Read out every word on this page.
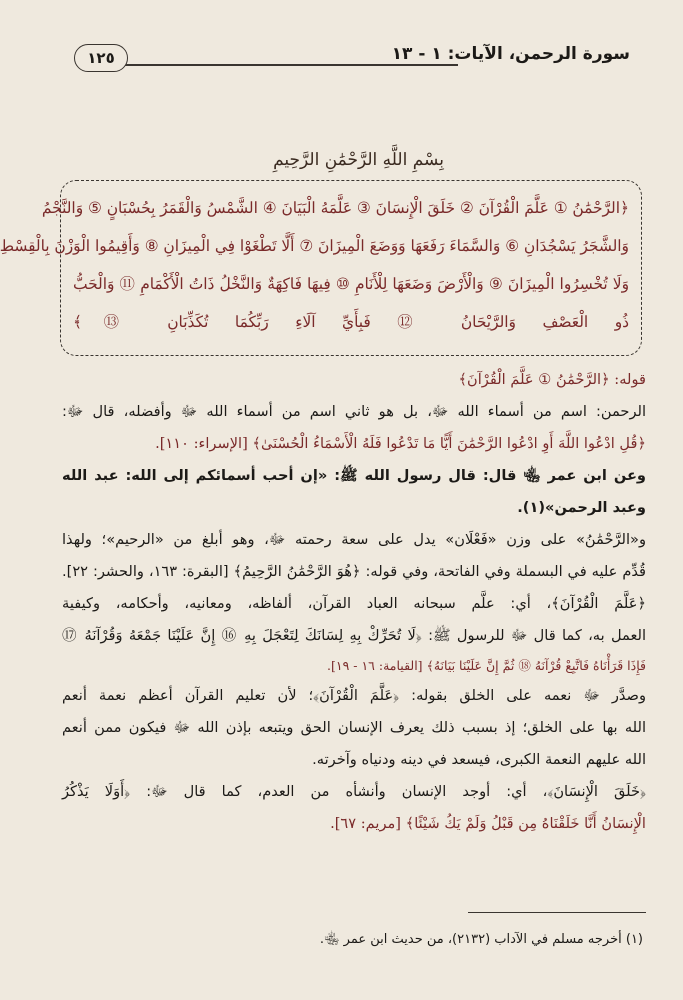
١٢٥	سورة الرحمن، الآيات: ١ - ١٣
بِسْمِ اللَّهِ الرَّحْمَٰنِ الرَّحِيمِ
﴿الرَّحْمَٰنُ ① عَلَّمَ الْقُرْآنَ ② خَلَقَ الْإِنسَانَ ③ عَلَّمَهُ الْبَيَانَ ④ الشَّمْسُ وَالْقَمَرُ بِحُسْبَانٍ ⑤ وَالنَّجْمُ
وَالشَّجَرُ يَسْجُدَانِ ⑥ وَالسَّمَاءَ رَفَعَهَا وَوَضَعَ الْمِيزَانَ ⑦ أَلَّا تَطْغَوْا فِي الْمِيزَانِ ⑧ وَأَقِيمُوا الْوَزْنَ بِالْقِسْطِ
وَلَا تُخْسِرُوا الْمِيزَانَ ⑨ وَالْأَرْضَ وَضَعَهَا لِلْأَنَامِ ⑩ فِيهَا فَاكِهَةٌ وَالنَّخْلُ ذَاتُ الْأَكْمَامِ ⑪ وَالْحَبُّ
ذُو الْعَصْفِ وَالرَّيْحَانُ ⑫ فَبِأَيِّ آلَاءِ رَبِّكُمَا تُكَذِّبَانِ ⑬﴾
قوله: ﴿الرَّحْمَٰنُ ① عَلَّمَ الْقُرْآنَ﴾
الرحمن: اسم من أسماء الله ﷻ، بل هو ثاني اسم من أسماء الله ﷻ وأفضله، قال ﷻ:
﴿قُلِ ادْعُوا اللَّهَ أَوِ ادْعُوا الرَّحْمَٰنَ أَيًّا مَا تَدْعُوا فَلَهُ الْأَسْمَاءُ الْحُسْنَىٰ﴾ [الإسراء: ١١٠].
وعن ابن عمر ﵄ قال: قال رسول الله ﷺ: «إن أحب أسمائكم إلى الله: عبد الله
وعبد الرحمن»(١).
و«الرَّحْمَٰنُ» على وزن «فَعْلَان» يدل على سعة رحمته ﷻ، وهو أبلغ من «الرحيم»؛ ولهذا
قُدِّم عليه في البسملة وفي الفاتحة، وفي قوله: ﴿هُوَ الرَّحْمَٰنُ الرَّحِيمُ﴾ [البقرة: ١٦٣، والحشر: ٢٢].
﴿عَلَّمَ الْقُرْآنَ﴾، أي: علَّم سبحانه العباد القرآن، ألفاظه، ومعانيه، وأحكامه، وكيفية
العمل به، كما قال ﷻ للرسول ﷺ: ﴿لَا تُحَرِّكْ بِهِ لِسَانَكَ لِتَعْجَلَ بِهِ ⑯ إِنَّ عَلَيْنَا جَمْعَهُ وَقُرْآنَهُ ⑰
فَإِذَا قَرَأْنَاهُ فَاتَّبِعْ قُرْآنَهُ ⑱ ثُمَّ إِنَّ عَلَيْنَا بَيَانَهُ﴾ [القيامة: ١٦ - ١٩].
وصدَّر ﷻ نعمه على الخلق بقوله: ﴿عَلَّمَ الْقُرْآنَ﴾؛ لأن تعليم القرآن أعظم نعمة أنعم
الله بها على الخلق؛ إذ بسبب ذلك يعرف الإنسان الحق ويتبعه بإذن الله ﷻ فيكون ممن أنعم
الله عليهم النعمة الكبرى، فيسعد في دينه ودنياه وآخرته.
﴿خَلَقَ الْإِنسَانَ﴾، أي: أوجد الإنسان وأنشأه من العدم، كما قال ﷻ: ﴿أَوَلَا يَذْكُرُ
الْإِنسَانُ أَنَّا خَلَقْنَاهُ مِن قَبْلُ وَلَمْ يَكُ شَيْئًا﴾ [مريم: ٦٧].
(١) أخرجه مسلم في الآداب (٢١٣٢)، من حديث ابن عمر ﵄.
